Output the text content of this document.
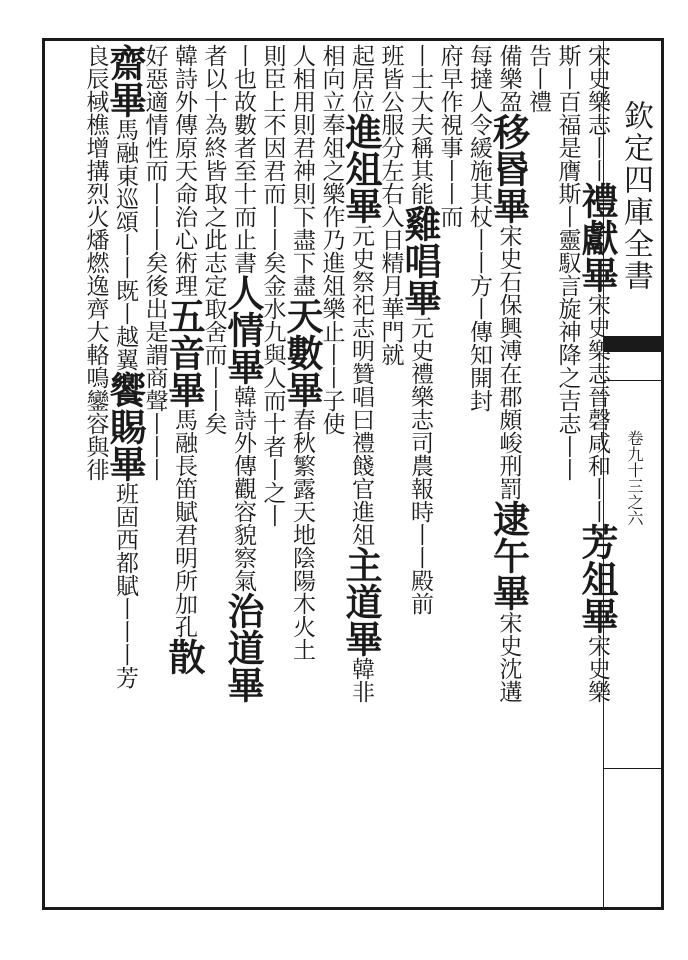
欽定四庫全書
卷九十三之六
宋史樂志丨丨禮獻畢宋史樂志晉磬咸和丨丨芳俎畢宋史樂
斯丨百福是膺斯丨靈馭言旋神降之吉志丨丨
告丨禮
備樂盈移昬畢宋史石保興溥在郡頗峻刑罰逮午畢宋史沈遘
每撻人令緩施其杖丨丨方丨傳知開封
府早作視事丨丨而
丨士大夫稱其能雞唱畢元史禮樂志司農報時丨丨殿前
班皆公服分左右入日精月華門就
起居位進俎畢元史祭祀志明贊唱曰禮餞官進俎主道畢韓非
相向立奉俎之樂作乃進俎樂止丨丨子使
人相用則君神則下盡下盡天數畢春秋繁露天地陰陽木火土
則臣上不因君而丨丨矣金水九與人而十者丨之丨
丨也故數者至十而止書人情畢韓詩外傳觀容貌察氣治道畢
者以十為終皆取之此志定取舍而丨丨矣
韓詩外傳原天命治心術理五音畢馬融長笛賦君明所加孔散
好惡適情性而丨丨丨矣後出是謂商聲丨丨丨
齋畢馬融東巡頌丨丨既丨越翼饗賜畢班固西都賦丨丨丨芳
良辰棫樵增搆烈火燔燃逸齊大輅鳴鑾容與徘
